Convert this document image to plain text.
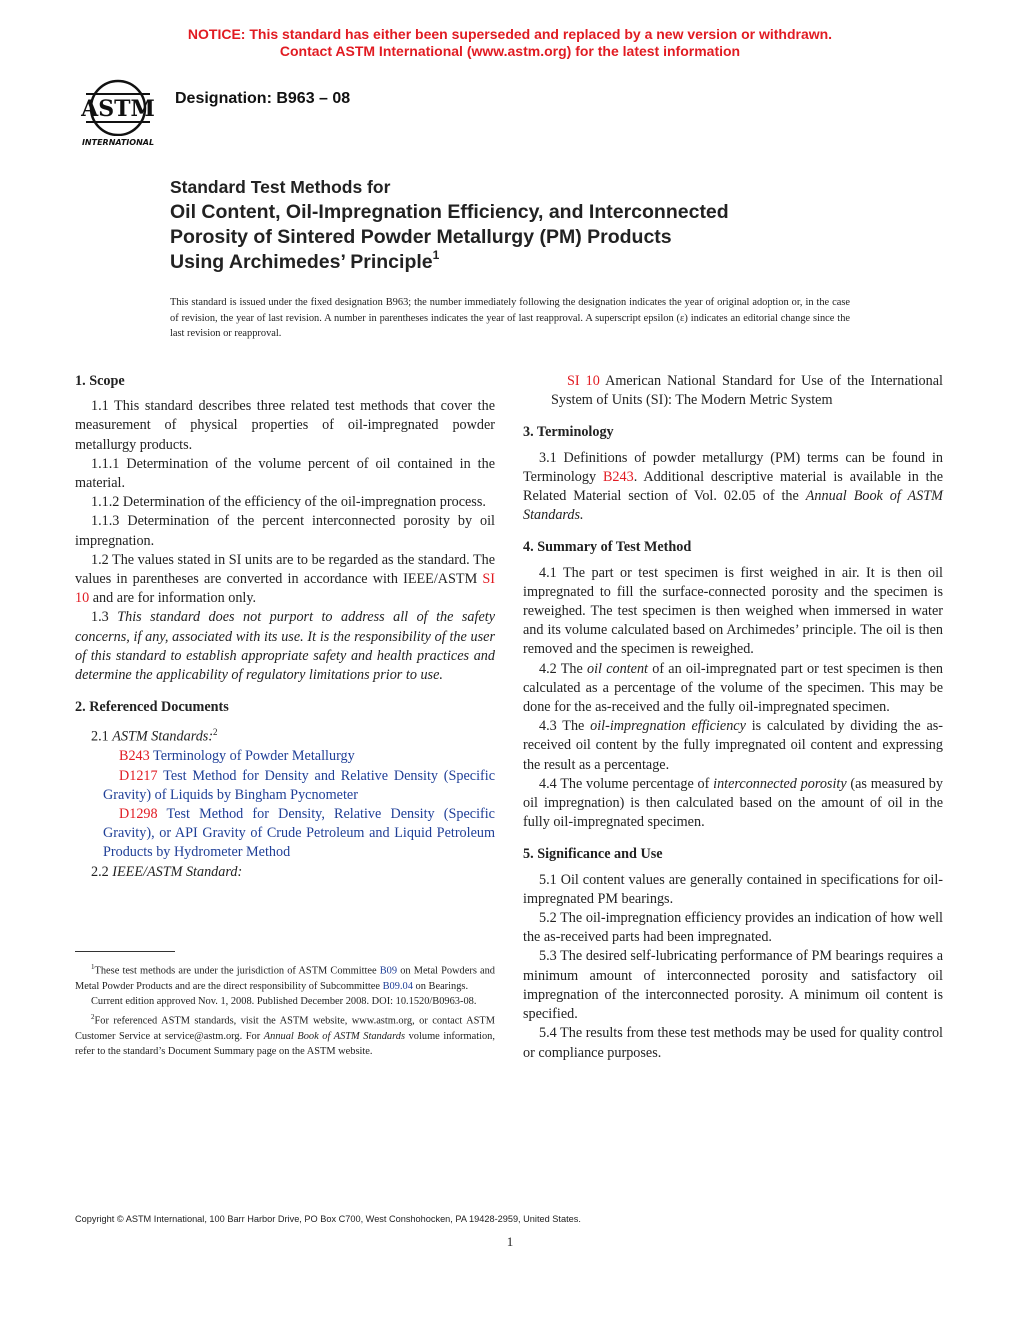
NOTICE: This standard has either been superseded and replaced by a new version or withdrawn.
Contact ASTM International (www.astm.org) for the latest information
ASTM
INTERNATIONAL
Designation: B963 – 08
Standard Test Methods for
Oil Content, Oil-Impregnation Efficiency, and Interconnected
Porosity of Sintered Powder Metallurgy (PM) Products
Using Archimedes’ Principle$^1$
This standard is issued under the fixed designation B963; the number immediately following the designation indicates the year of original adoption or, in the case of revision, the year of last revision. A number in parentheses indicates the year of last reapproval. A superscript epsilon (ε) indicates an editorial change since the last revision or reapproval.
1. Scope

1.1 This standard describes three related test methods that cover the measurement of physical properties of oil-impregnated powder metallurgy products.

1.1.1 Determination of the volume percent of oil contained in the material.

1.1.2 Determination of the efficiency of the oil-impregnation process.

1.1.3 Determination of the percent interconnected porosity by oil impregnation.

1.2 The values stated in SI units are to be regarded as the standard. The values in parentheses are converted in accordance with IEEE/ASTM SI 10 and are for information only.

1.3 This standard does not purport to address all of the safety concerns, if any, associated with its use. It is the responsibility of the user of this standard to establish appropriate safety and health practices and determine the applicability of regulatory limitations prior to use.

2. Referenced Documents

2.1 ASTM Standards:$^2$

B243 Terminology of Powder Metallurgy

D1217 Test Method for Density and Relative Density (Specific Gravity) of Liquids by Bingham Pycnometer

D1298 Test Method for Density, Relative Density (Specific Gravity), or API Gravity of Crude Petroleum and Liquid Petroleum Products by Hydrometer Method

2.2 IEEE/ASTM Standard:

$^1$These test methods are under the jurisdiction of ASTM Committee B09 on Metal Powders and Metal Powder Products and are the direct responsibility of Subcommittee B09.04 on Bearings.

Current edition approved Nov. 1, 2008. Published December 2008. DOI: 10.1520/B0963-08.

$^2$For referenced ASTM standards, visit the ASTM website, www.astm.org, or contact ASTM Customer Service at service@astm.org. For Annual Book of ASTM Standards volume information, refer to the standard’s Document Summary page on the ASTM website.

SI 10 American National Standard for Use of the International System of Units (SI): The Modern Metric System

3. Terminology

3.1 Definitions of powder metallurgy (PM) terms can be found in Terminology B243. Additional descriptive material is available in the Related Material section of Vol. 02.05 of the Annual Book of ASTM Standards.

4. Summary of Test Method

4.1 The part or test specimen is first weighed in air. It is then oil impregnated to fill the surface-connected porosity and the specimen is reweighed. The test specimen is then weighed when immersed in water and its volume calculated based on Archimedes’ principle. The oil is then removed and the specimen is reweighed.

4.2 The oil content of an oil-impregnated part or test specimen is then calculated as a percentage of the volume of the specimen. This may be done for the as-received and the fully oil-impregnated specimen.

4.3 The oil-impregnation efficiency is calculated by dividing the as-received oil content by the fully impregnated oil content and expressing the result as a percentage.

4.4 The volume percentage of interconnected porosity (as measured by oil impregnation) is then calculated based on the amount of oil in the fully oil-impregnated specimen.

5. Significance and Use

5.1 Oil content values are generally contained in specifications for oil-impregnated PM bearings.

5.2 The oil-impregnation efficiency provides an indication of how well the as-received parts had been impregnated.

5.3 The desired self-lubricating performance of PM bearings requires a minimum amount of interconnected porosity and satisfactory oil impregnation of the interconnected porosity. A minimum oil content is specified.

5.4 The results from these test methods may be used for quality control or compliance purposes.

Copyright © ASTM International, 100 Barr Harbor Drive, PO Box C700, West Conshohocken, PA 19428-2959, United States.
1
